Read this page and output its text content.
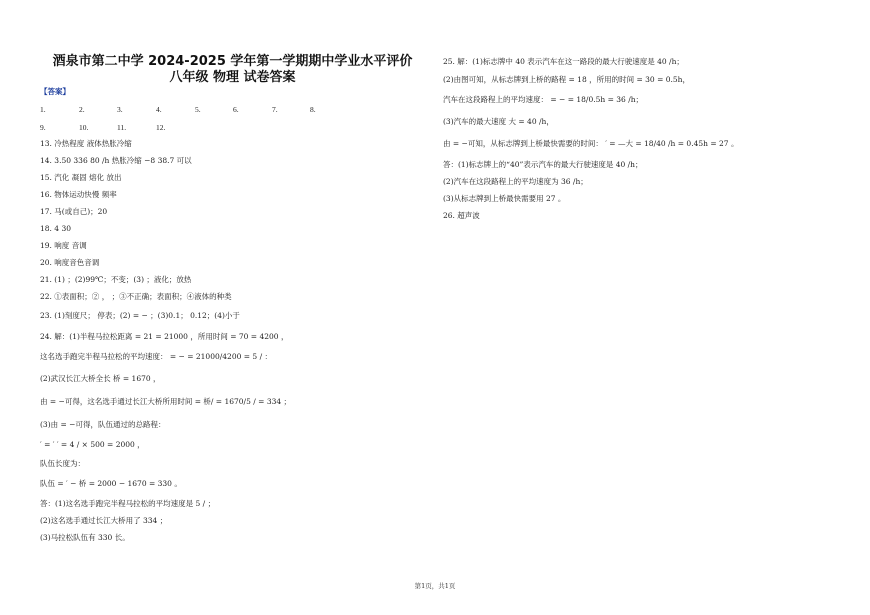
酒泉市第二中学 2024-2025 学年第一学期期中学业水平评价
八年级 物理 试卷答案
【答案】
1.	2.	3.	4.	5.	6.	7.	8.
9.	10.	11.	12.
13. 冷热程度 液体热胀冷缩
14. 3.50 336 80 /h 热胀冷缩 −8 38.7 可以
15. 汽化 凝固 熔化 放出
16. 物体运动快慢 频率
17. 马(或自己)；20
18. 4 30
19. 响度 音调
20. 响度音色音调
21. (1) ；(2)99℃；不变；(3) ；液化；放热
22. ①表面积；② ， ；③不正确；表面积；④液体的种类
23. (1)刻度尺； 停表；(2) = − ；(3)0.1； 0.12；(4)小于
24. 解：(1)半程马拉松距离 = 21 = 21000 ，所用时间 = 70 = 4200 ，
这名选手跑完半程马拉松的平均速度： = − = 21000/4200 = 5 / ：
(2)武汉长江大桥全长 桥 = 1670 ，
由 = −可得，这名选手通过长江大桥所用时间 = 桥/ = 1670/5 / = 334 ；
(3)由 = −可得，队伍通过的总路程：
′ = ′ ′ = 4 / × 500 = 2000 ，
队伍长度为：
队伍 = ′ − 桥 = 2000 − 1670 = 330 。
答：(1)这名选手跑完半程马拉松的平均速度是 5 / ；
(2)这名选手通过长江大桥用了 334 ；
(3)马拉松队伍有 330 长。
25. 解：(1)标志牌中 40 表示汽车在这一路段的最大行驶速度是 40 /h；
(2)由图可知，从标志牌到上桥的路程 = 18 ，所用的时间 = 30 = 0.5h，
汽车在这段路程上的平均速度： = − = 18/0.5h = 36 /h；
(3)汽车的最大速度 大 = 40 /h，
由 = −可知，从标志牌到上桥最快需要的时间： ′ = —大 = 18/40 /h = 0.45h = 27 。
答：(1)标志牌上的“40”表示汽车的最大行驶速度是 40 /h；
(2)汽车在这段路程上的平均速度为 36 /h；
(3)从标志牌到上桥最快需要用 27 。
26. 超声波
第1页，共1页
